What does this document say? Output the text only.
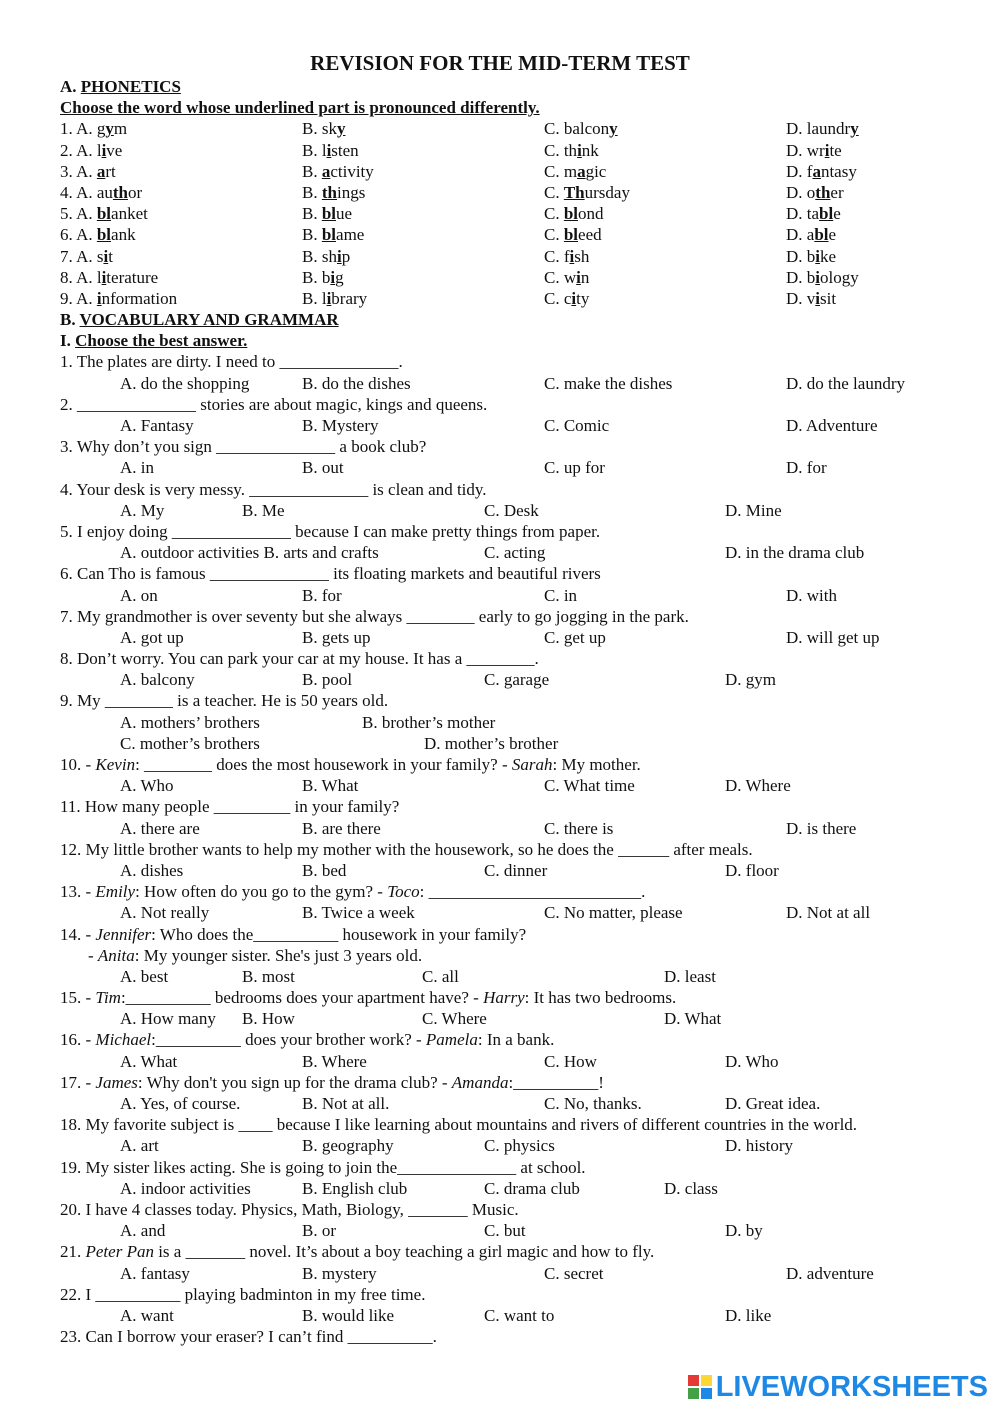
REVISION FOR THE MID-TERM TEST
A. PHONETICS
Choose the word whose underlined part is pronounced differently.
1. A. gym	B. sky	C. balcony	D. laundry
2. A. live	B. listen	C. think	D. write
3. A. art	B. activity	C. magic	D. fantasy
4. A. author	B. things	C. Thursday	D. other
5. A. blanket	B. blue	C. blond	D. table
6. A. blank	B. blame	C. bleed	D. able
7. A. sit	B. ship	C. fish	D. bike
8. A. literature	B. big	C. win	D. biology
9. A. information	B. library	C. city	D. visit
B. VOCABULARY AND GRAMMAR
I. Choose the best answer.
1. The plates are dirty. I need to ______________.
A. do the shopping	B. do the dishes	C. make the dishes	D. do the laundry
2. ______________ stories are about magic, kings and queens.
A. Fantasy	B. Mystery	C. Comic	D. Adventure
3. Why don’t you sign ______________ a book club?
A. in	B. out	C. up for	D. for
4. Your desk is very messy. ______________ is clean and tidy.
A. My	B. Me	C. Desk	D. Mine
5. I enjoy doing ______________ because I can make pretty things from paper.
A. outdoor activities B. arts and crafts	C. acting	D. in the drama club
6. Can Tho is famous ______________ its floating markets and beautiful rivers
A. on	B. for	C. in	D. with
7. My grandmother is over seventy but she always ________ early to go jogging in the park.
A. got up	B. gets up	C. get up	D. will get up
8. Don’t worry. You can park your car at my house. It has a ________.
A. balcony	B. pool	C. garage	D. gym
9. My ________ is a teacher. He is 50 years old.
A. mothers’ brothers	B. brother’s mother
C. mother’s brothers	D. mother’s brother
10. - Kevin: ________ does the most housework in your family? - Sarah: My mother.
A. Who	B. What	C. What time	D. Where
11. How many people _________ in your family?
A. there are	B. are there	C. there is	D. is there
12. My little brother wants to help my mother with the housework, so he does the ______ after meals.
A. dishes	B. bed	C. dinner	D. floor
13. - Emily: How often do you go to the gym? - Toco: _________________________.
A. Not really	B. Twice a week	C. No matter, please	D. Not at all
14. - Jennifer: Who does the__________ housework in your family?
- Anita: My younger sister. She's just 3 years old.
A. best	B. most	C. all	D. least
15. - Tim:__________ bedrooms does your apartment have? - Harry: It has two bedrooms.
A. How many B. How	C. Where	D. What
16. - Michael:__________ does your brother work? - Pamela: In a bank.
A. What	B. Where	C. How	D. Who
17. - James: Why don't you sign up for the drama club? - Amanda:__________!
A. Yes, of course.	B. Not at all.	C. No, thanks.	D. Great idea.
18. My favorite subject is ____ because I like learning about mountains and rivers of different countries in the world.
A. art	B. geography	C. physics	D. history
19. My sister likes acting. She is going to join the______________ at school.
A. indoor activities	B. English club	C. drama club	D. class
20. I have 4 classes today. Physics, Math, Biology, _______ Music.
A. and	B. or	C. but	D. by
21. Peter Pan is a _______ novel. It’s about a boy teaching a girl magic and how to fly.
A. fantasy	B. mystery	C. secret	D. adventure
22. I __________ playing badminton in my free time.
A. want	B. would like	C. want to	D. like
23. Can I borrow your eraser? I can’t find __________.
LIVEWORKSHEETS
